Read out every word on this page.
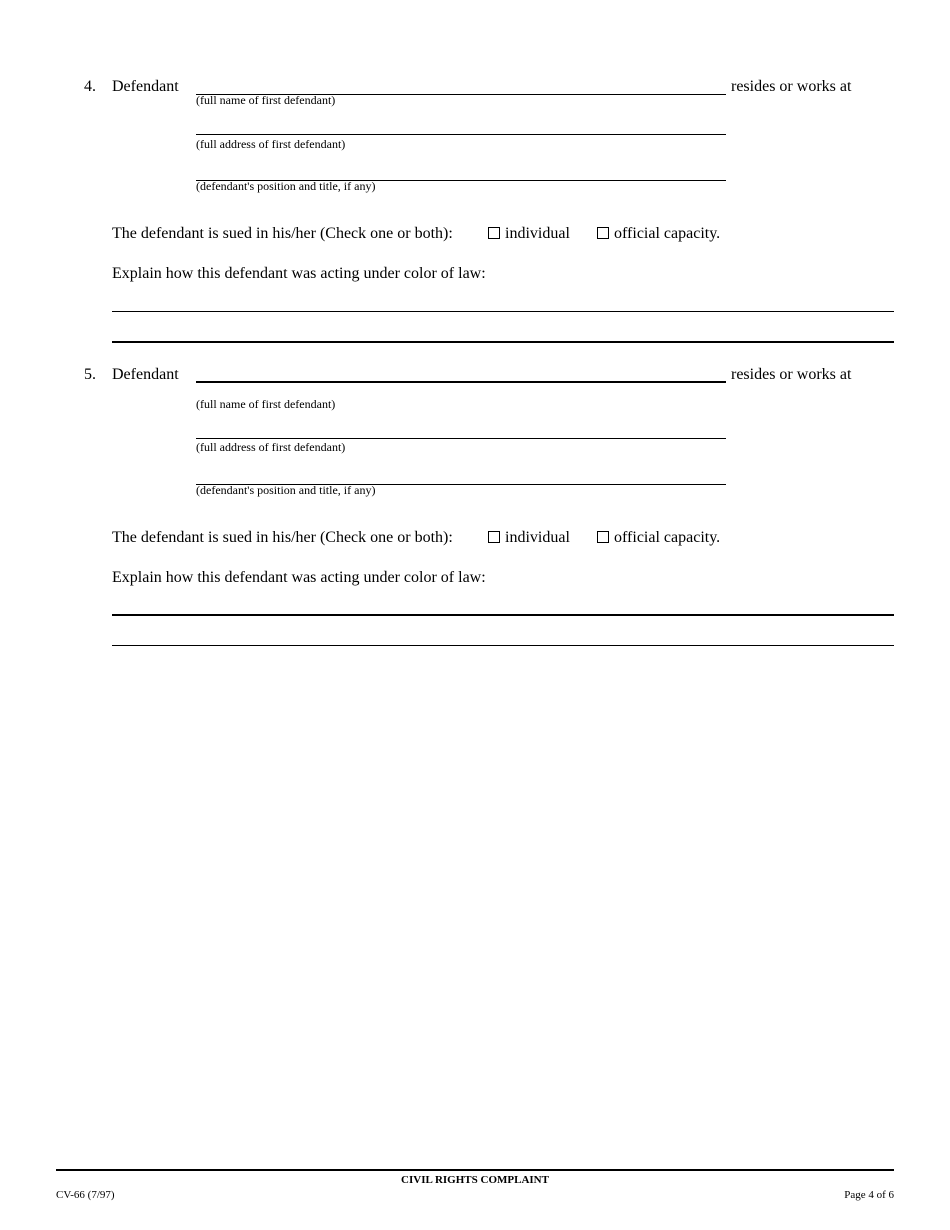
4. Defendant	resides or works at
(full name of first defendant)
(full address of first defendant)
(defendant's position and title, if any)
The defendant is sued in his/her (Check one or both):	individual	official capacity.
Explain how this defendant was acting under color of law:
5. Defendant	resides or works at
(full name of first defendant)
(full address of first defendant)
(defendant's position and title, if any)
The defendant is sued in his/her (Check one or both):	individual	official capacity.
Explain how this defendant was acting under color of law:
CIVIL RIGHTS COMPLAINT
CV-66 (7/97)	Page 4 of 6
